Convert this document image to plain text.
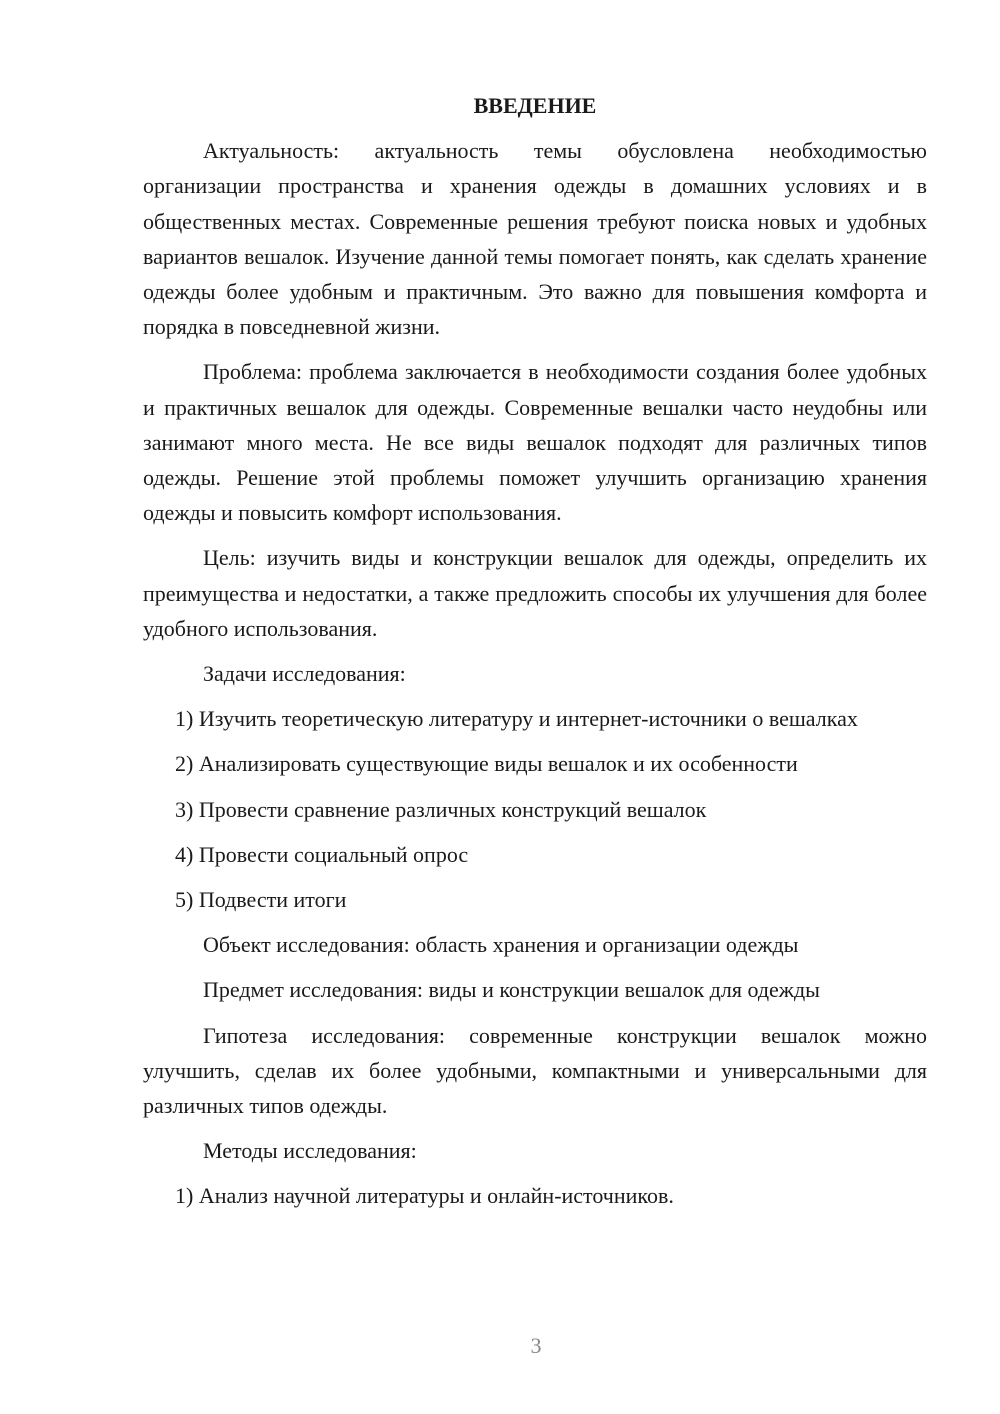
ВВЕДЕНИЕ

Актуальность: актуальность темы обусловлена необходимостью организации пространства и хранения одежды в домашних условиях и в общественных местах. Современные решения требуют поиска новых и удобных вариантов вешалок. Изучение данной темы помогает понять, как сделать хранение одежды более удобным и практичным. Это важно для повышения комфорта и порядка в повседневной жизни.

Проблема: проблема заключается в необходимости создания более удобных и практичных вешалок для одежды. Современные вешалки часто неудобны или занимают много места. Не все виды вешалок подходят для различных типов одежды. Решение этой проблемы поможет улучшить организацию хранения одежды и повысить комфорт использования.

Цель: изучить виды и конструкции вешалок для одежды, определить их преимущества и недостатки, а также предложить способы их улучшения для более удобного использования.

Задачи исследования:

1) Изучить теоретическую литературу и интернет-источники о вешалках

2) Анализировать существующие виды вешалок и их особенности

3) Провести сравнение различных конструкций вешалок

4) Провести социальный опрос

5) Подвести итоги

Объект исследования: область хранения и организации одежды

Предмет исследования: виды и конструкции вешалок для одежды

Гипотеза исследования: современные конструкции вешалок можно улучшить, сделав их более удобными, компактными и универсальными для различных типов одежды.

Методы исследования:

1) Анализ научной литературы и онлайн-источников.

3
